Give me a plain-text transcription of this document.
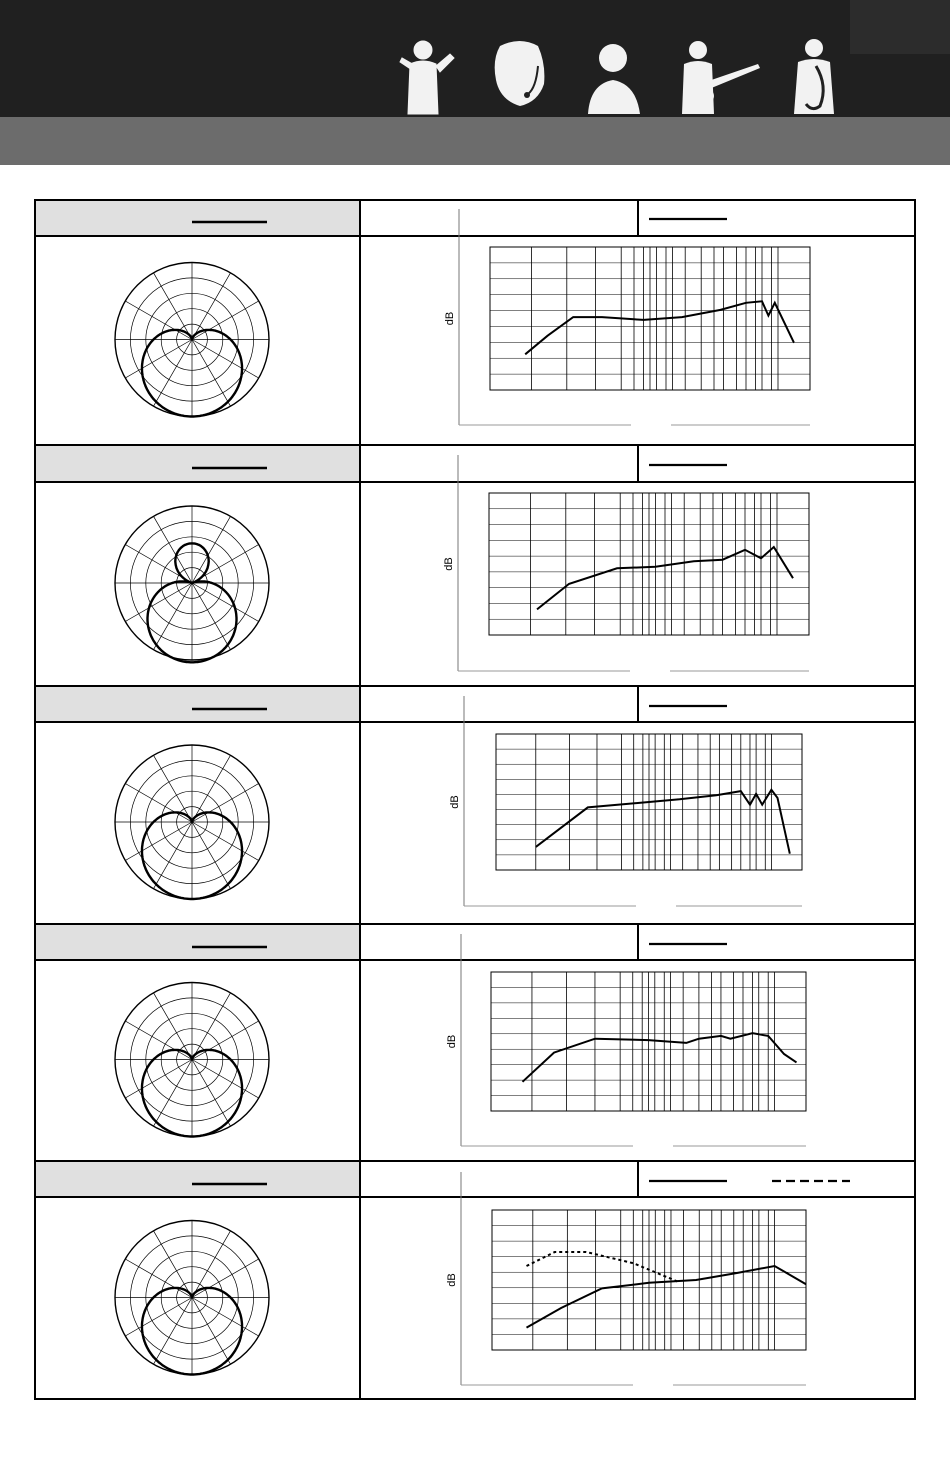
dB
dB
dB
dB
dB
